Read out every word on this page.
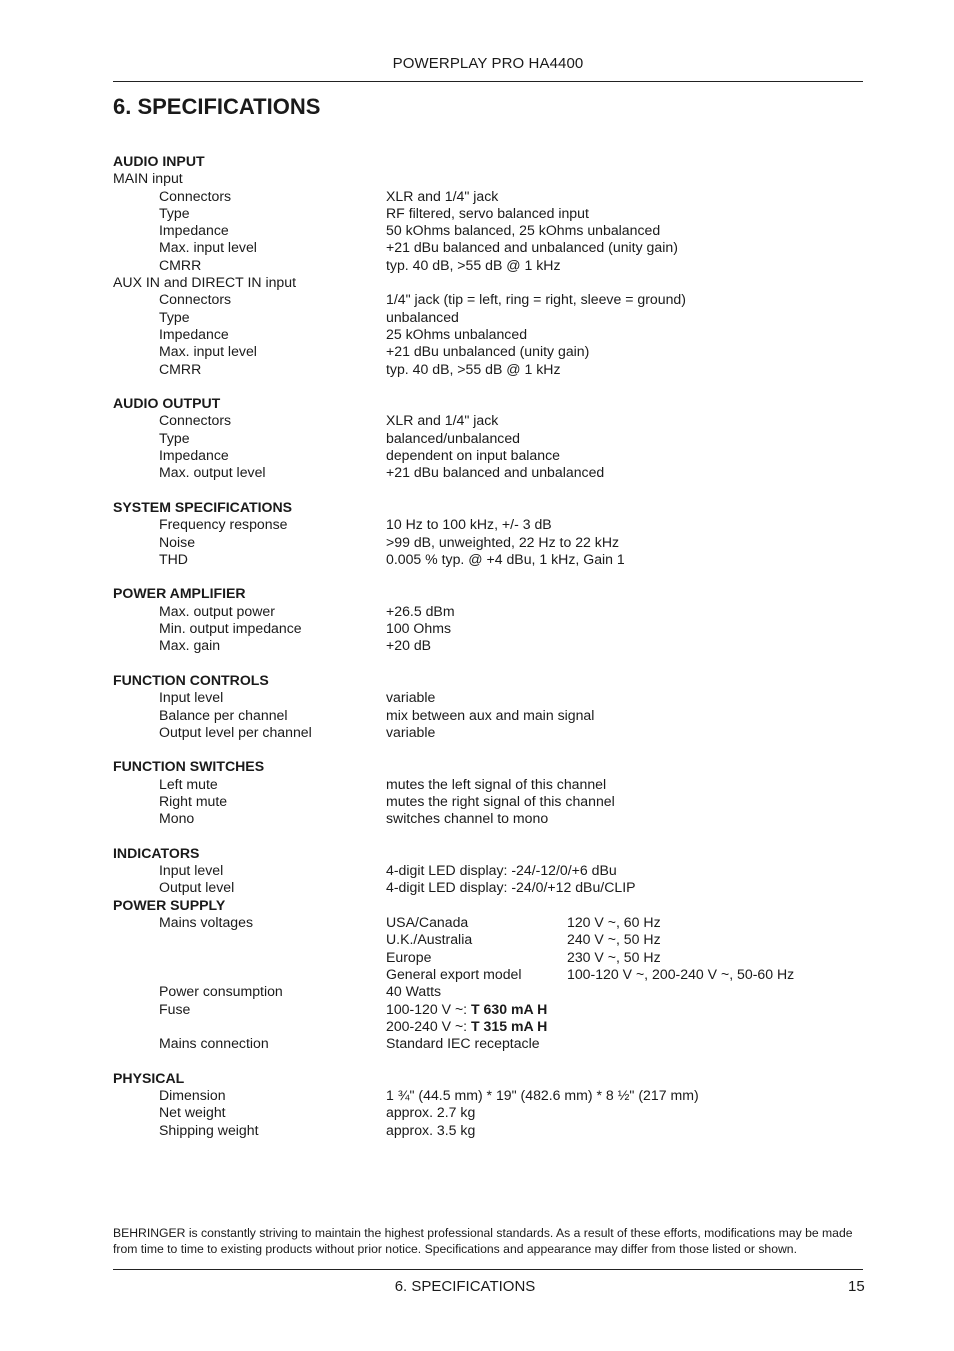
POWERPLAY PRO HA4400
6. SPECIFICATIONS
AUDIO INPUT
MAIN input
Connectors	XLR and 1/4" jack
Type	RF filtered, servo balanced input
Impedance	50 kOhms balanced, 25 kOhms unbalanced
Max. input level	+21 dBu balanced and unbalanced (unity gain)
CMRR	typ. 40 dB, >55 dB @ 1 kHz
AUX IN and DIRECT IN input
Connectors	1/4" jack (tip = left, ring = right, sleeve = ground)
Type	unbalanced
Impedance	25 kOhms unbalanced
Max. input level	+21 dBu unbalanced (unity gain)
CMRR	typ. 40 dB, >55 dB @ 1 kHz
AUDIO OUTPUT
Connectors	XLR and 1/4" jack
Type	balanced/unbalanced
Impedance	dependent on input balance
Max. output level	+21 dBu balanced and unbalanced
SYSTEM SPECIFICATIONS
Frequency response	10 Hz to 100 kHz, +/- 3 dB
Noise	>99 dB, unweighted, 22 Hz to 22 kHz
THD	0.005 % typ. @ +4 dBu, 1 kHz, Gain 1
POWER AMPLIFIER
Max. output power	+26.5 dBm
Min. output impedance	100 Ohms
Max. gain	+20 dB
FUNCTION CONTROLS
Input level	variable
Balance per channel	mix between aux and main signal
Output level per channel	variable
FUNCTION SWITCHES
Left mute	mutes the left signal of this channel
Right mute	mutes the right signal of this channel
Mono	switches channel to mono
INDICATORS
Input level	4-digit LED display: -24/-12/0/+6 dBu
Output level	4-digit LED display: -24/0/+12 dBu/CLIP
POWER SUPPLY
Mains voltages	USA/Canada	120 V ~, 60 Hz
U.K./Australia	240 V ~, 50 Hz
Europe	230 V ~, 50 Hz
General export model	100-120 V ~, 200-240 V ~, 50-60 Hz
Power consumption	40 Watts
Fuse	100-120 V ~: T 630 mA H
200-240 V ~: T 315 mA H
Mains connection	Standard IEC receptacle
PHYSICAL
Dimension	1 ¾" (44.5 mm) * 19" (482.6 mm) * 8 ½" (217 mm)
Net weight	approx. 2.7 kg
Shipping weight	approx. 3.5 kg
BEHRINGER is constantly striving to maintain the highest professional standards. As a result of these efforts, modifications may be made from time to time to existing products without prior notice. Specifications and appearance may differ from those listed or shown.
6. SPECIFICATIONS	15
